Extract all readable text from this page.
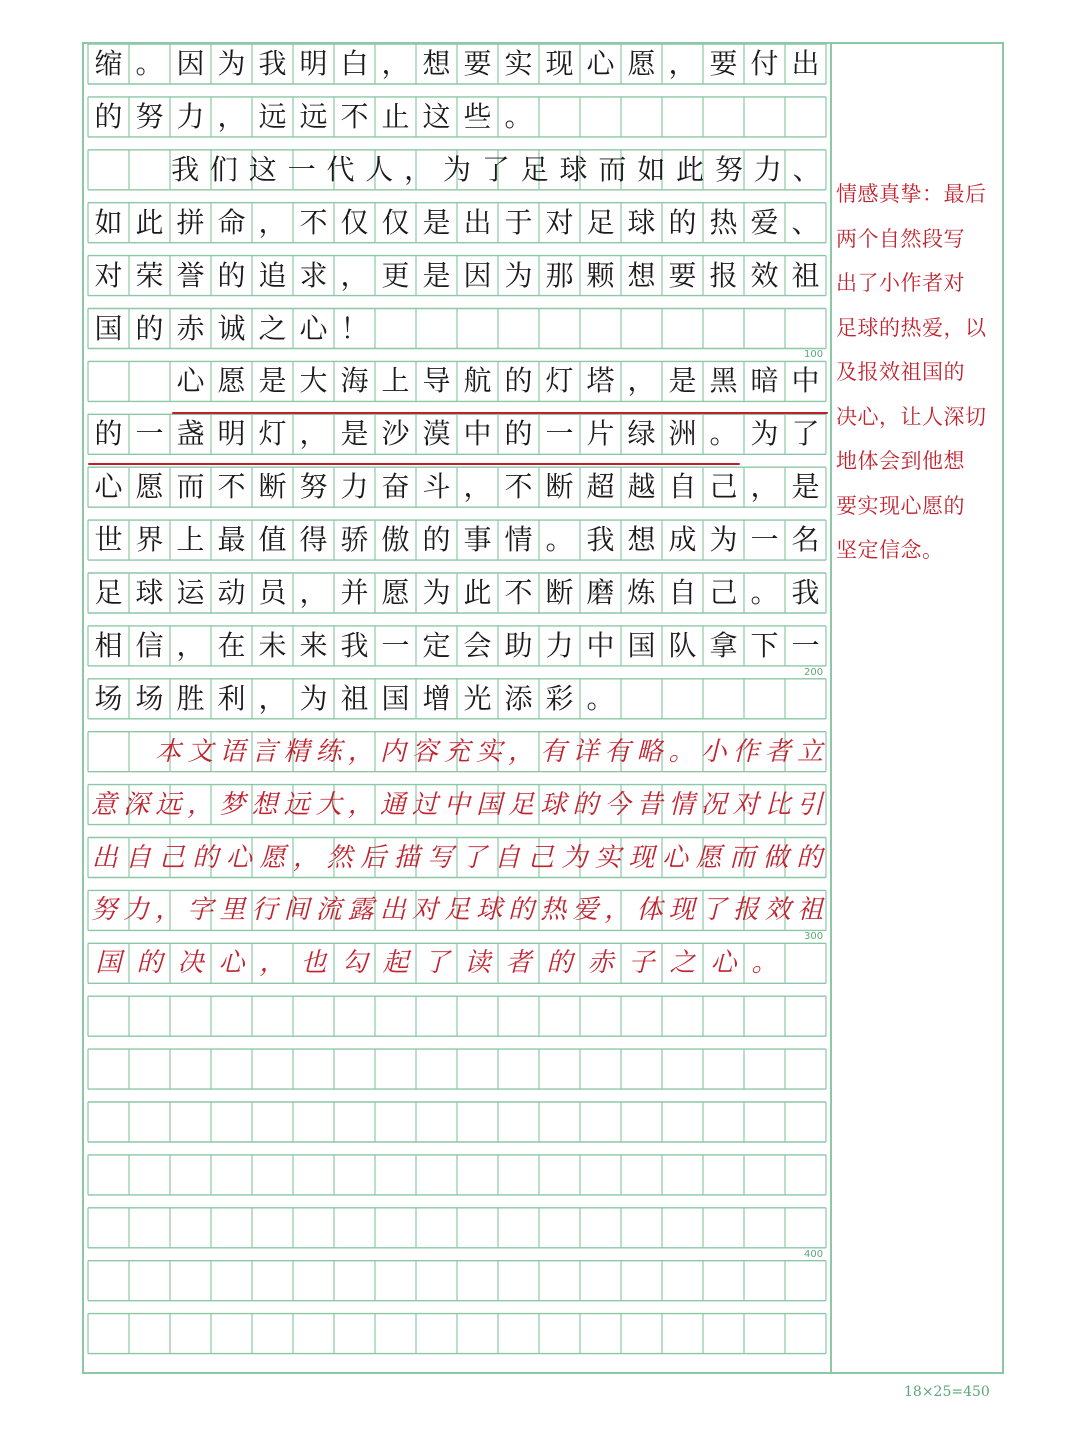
缩 。 因 为 我 明 白 ， 想 要 实 现 心 愿 ， 要 付 出
的 努 力 ， 远 远 不 止 这 些 。

我 们 这 一 代 人 ， 为 了 足 球 而 如 此 努 力 、
如 此 拼 命 ， 不 仅 仅 是 出 于 对 足 球 的 热 爱 、
对 荣 誉 的 追 求 ， 更 是 因 为 那 颗 想 要 报 效 祖
国 的 赤 诚 之 心 ！

心 愿 是 大 海 上 导 航 的 灯 塔 ， 是 黑 暗 中
的 一 盏 明 灯 ， 是 沙 漠 中 的 一 片 绿 洲 。 为 了
心 愿 而 不 断 努 力 奋 斗 ， 不 断 超 越 自 己 ， 是
世 界 上 最 值 得 骄 傲 的 事 情 。 我 想 成 为 一 名
足 球 运 动 员 ， 并 愿 为 此 不 断 磨 炼 自 己 。 我
相 信 ， 在 未 来 我 一 定 会 助 力 中 国 队 拿 下 一
场 场 胜 利 ， 为 祖 国 增 光 添 彩 。

本 文 语 言 精 练 ， 内 容 充 实 ， 有 详 有 略 。 小 作 者 立
意 深 远 ， 梦 想 远 大 ， 通 过 中 国 足 球 的 今 昔 情 况 对 比 引
出 自 己 的 心 愿 ， 然 后 描 写 了 自 己 为 实 现 心 愿 而 做 的
努 力 ， 字 里 行 间 流 露 出 对 足 球 的 热 爱 ， 体 现 了 报 效 祖
国 的 决 心 ， 也 勾 起 了 读 者 的 赤 子 之 心 。
100
200
300
400
情感真挚：最后
两个自然段写
出了小作者对
足球的热爱，以
及报效祖国的
决心，让人深切
地体会到他想
要实现心愿的
坚定信念。
18×25=450
